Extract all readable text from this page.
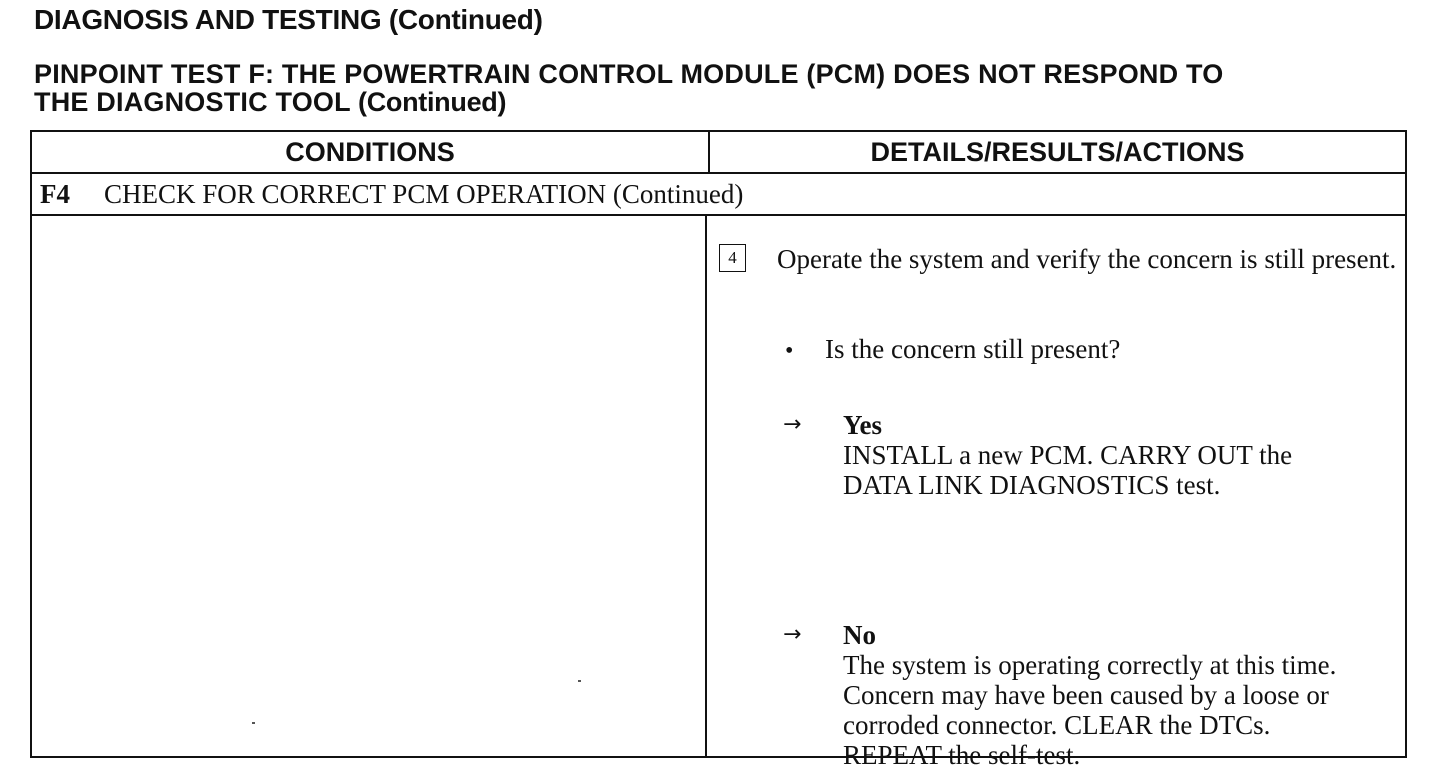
DIAGNOSIS AND TESTING (Continued)
PINPOINT TEST F: THE POWERTRAIN CONTROL MODULE (PCM) DOES NOT RESPOND TO
THE DIAGNOSTIC TOOL (Continued)
CONDITIONS	DETAILS/RESULTS/ACTIONS
F4	CHECK FOR CORRECT PCM OPERATION (Continued)
4	Operate the system and verify the concern is still present.
•	Is the concern still present?
→ Yes
INSTALL a new PCM. CARRY OUT the
DATA LINK DIAGNOSTICS test.
→ No
The system is operating correctly at this time.
Concern may have been caused by a loose or
corroded connector. CLEAR the DTCs.
REPEAT the self-test.
